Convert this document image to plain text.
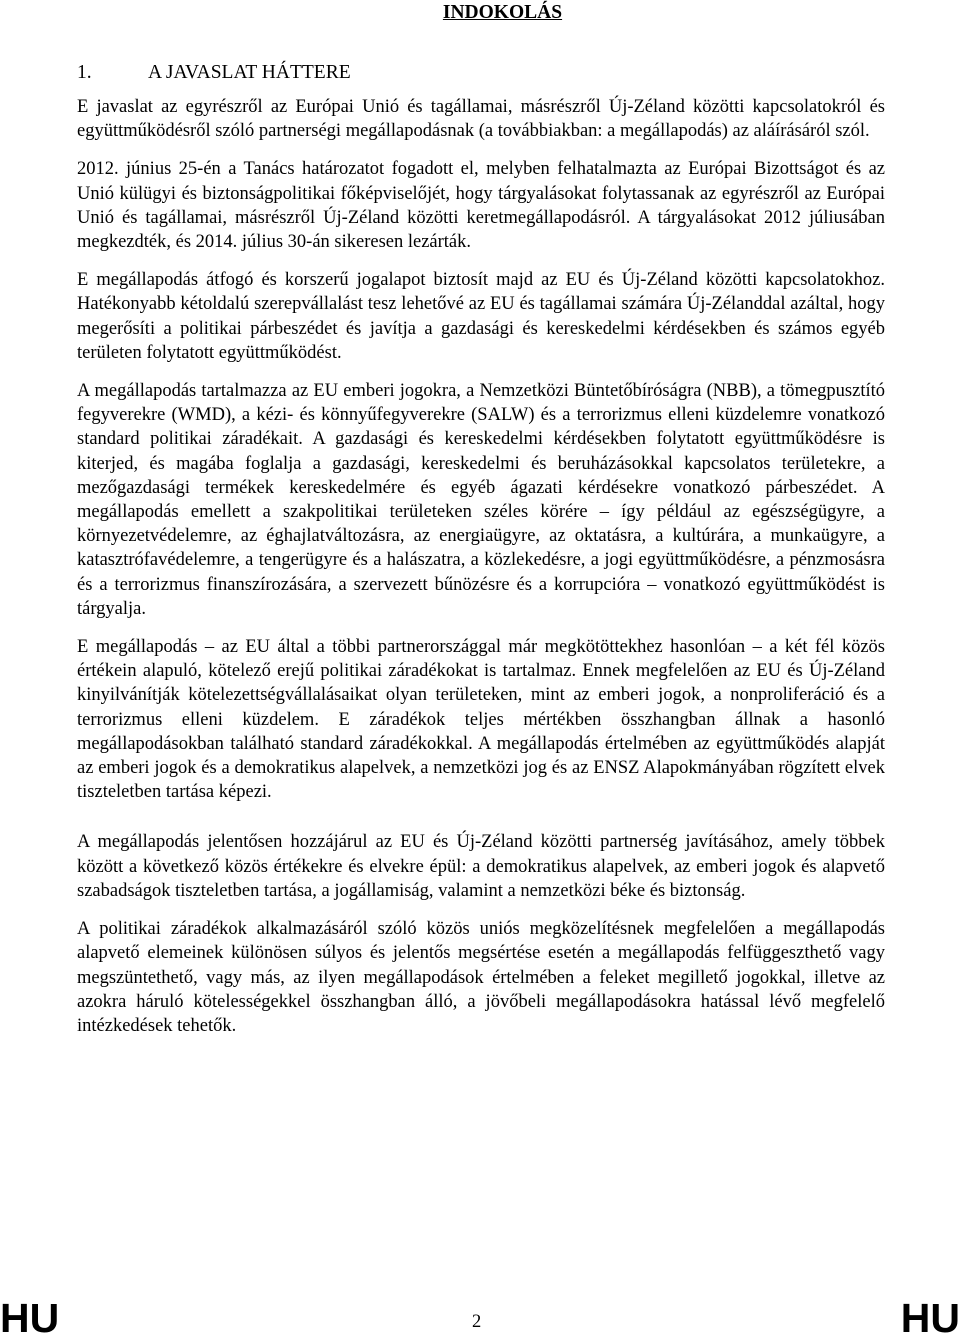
INDOKOLÁS
1.	A JAVASLAT HÁTTERE

E javaslat az egyrészről az Európai Unió és tagállamai, másrészről Új-Zéland közötti kapcsolatokról és együttműködésről szóló partnerségi megállapodásnak (a továbbiakban: a megállapodás) az aláírásáról szól.

2012. június 25-én a Tanács határozatot fogadott el, melyben felhatalmazta az Európai Bizottságot és az Unió külügyi és biztonságpolitikai főképviselőjét, hogy tárgyalásokat folytassanak az egyrészről az Európai Unió és tagállamai, másrészről Új-Zéland közötti keretmegállapodásról. A tárgyalásokat 2012 júliusában megkezdték, és 2014. július 30-án sikeresen lezárták.

E megállapodás átfogó és korszerű jogalapot biztosít majd az EU és Új-Zéland közötti kapcsolatokhoz. Hatékonyabb kétoldalú szerepvállalást tesz lehetővé az EU és tagállamai számára Új-Zélanddal azáltal, hogy megerősíti a politikai párbeszédet és javítja a gazdasági és kereskedelmi kérdésekben és számos egyéb területen folytatott együttműködést.

A megállapodás tartalmazza az EU emberi jogokra, a Nemzetközi Büntetőbíróságra (NBB), a tömegpusztító fegyverekre (WMD), a kézi- és könnyűfegyverekre (SALW) és a terrorizmus elleni küzdelemre vonatkozó standard politikai záradékait. A gazdasági és kereskedelmi kérdésekben folytatott együttműködésre is kiterjed, és magába foglalja a gazdasági, kereskedelmi és beruházásokkal kapcsolatos területekre, a mezőgazdasági termékek kereskedelmére és egyéb ágazati kérdésekre vonatkozó párbeszédet. A megállapodás emellett a szakpolitikai területeken széles körére – így például az egészségügyre, a környezetvédelemre, az éghajlatváltozásra, az energiaügyre, az oktatásra, a kultúrára, a munkaügyre, a katasztrófavédelemre, a tengerügyre és a halászatra, a közlekedésre, a jogi együttműködésre, a pénzmosásra és a terrorizmus finanszírozására, a szervezett bűnözésre és a korrupcióra – vonatkozó együttműködést is tárgyalja.

E megállapodás – az EU által a többi partnerországgal már megkötöttekhez hasonlóan – a két fél közös értékein alapuló, kötelező erejű politikai záradékokat is tartalmaz. Ennek megfelelően az EU és Új-Zéland kinyilvánítják kötelezettségvállalásaikat olyan területeken, mint az emberi jogok, a nonproliferáció és a terrorizmus elleni küzdelem. E záradékok teljes mértékben összhangban állnak a hasonló megállapodásokban található standard záradékokkal. A megállapodás értelmében az együttműködés alapját az emberi jogok és a demokratikus alapelvek, a nemzetközi jog és az ENSZ Alapokmányában rögzített elvek tiszteletben tartása képezi.

A megállapodás jelentősen hozzájárul az EU és Új-Zéland közötti partnerség javításához, amely többek között a következő közös értékekre és elvekre épül: a demokratikus alapelvek, az emberi jogok és alapvető szabadságok tiszteletben tartása, a jogállamiság, valamint a nemzetközi béke és biztonság.

A politikai záradékok alkalmazásáról szóló közös uniós megközelítésnek megfelelően a megállapodás alapvető elemeinek különösen súlyos és jelentős megsértése esetén a megállapodás felfüggeszthető vagy megszüntethető, vagy más, az ilyen megállapodások értelmében a feleket megillető jogokkal, illetve az azokra háruló kötelességekkel összhangban álló, a jövőbeli megállapodásokra hatással lévő megfelelő intézkedések tehetők.

HU	2	HU
